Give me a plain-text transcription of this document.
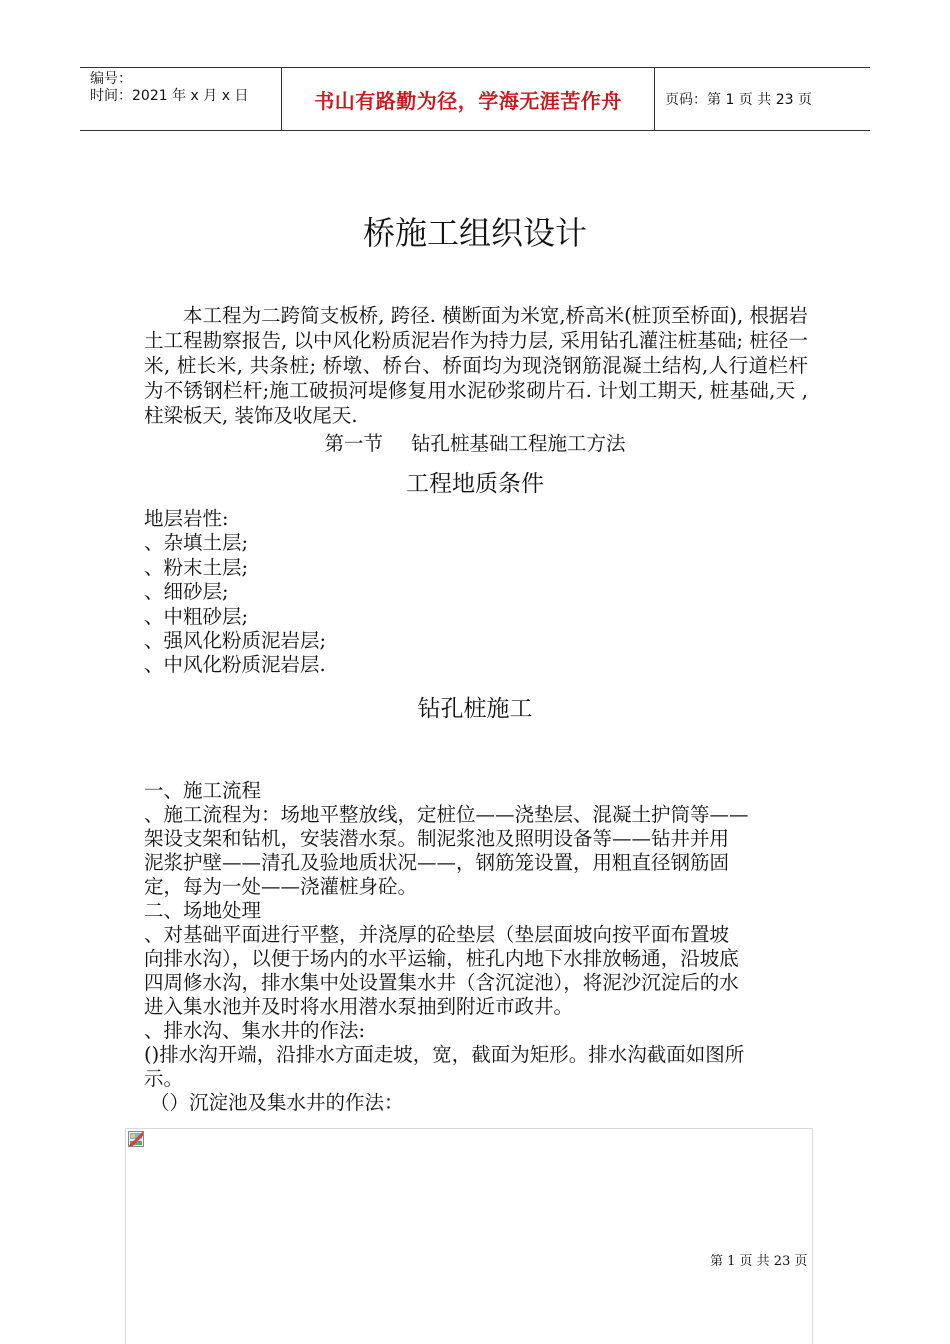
编号：
时间：2021 年 x 月 x 日	书山有路勤为径，学海无涯苦作舟	页码：第 1 页 共 23 页
桥施工组织设计
本工程为二跨简支板桥, 跨径. 横断面为米宽,桥高米(桩顶至桥面), 根据岩土工程勘察报告, 以中风化粉质泥岩作为持力层, 采用钻孔灌注桩基础; 桩径一米, 桩长米, 共条桩; 桥墩、桥台、桥面均为现浇钢筋混凝土结构,人行道栏杆为不锈钢栏杆;施工破损河堤修复用水泥砂浆砌片石. 计划工期天, 桩基础,天 , 柱梁板天, 装饰及收尾天.
第一节 钻孔桩基础工程施工方法
工程地质条件
地层岩性:
、杂填土层;
、粉末土层;
、细砂层;
、中粗砂层;
、强风化粉质泥岩层;
、中风化粉质泥岩层.
钻孔桩施工
一、施工流程
、施工流程为：场地平整放线，定桩位——浇垫层、混凝土护筒等——
架设支架和钻机，安装潜水泵。制泥浆池及照明设备等——钻井并用
泥浆护壁——清孔及验地质状况——，钢筋笼设置，用粗直径钢筋固
定，每为一处——浇灌桩身砼。
二、场地处理
、对基础平面进行平整，并浇厚的砼垫层（垫层面坡向按平面布置坡
向排水沟），以便于场内的水平运输，桩孔内地下水排放畅通，沿坡底
四周修水沟，排水集中处设置集水井（含沉淀池），将泥沙沉淀后的水
进入集水池并及时将水用潜水泵抽到附近市政井。
、排水沟、集水井的作法:
()排水沟开端，沿排水方面走坡，宽，截面为矩形。排水沟截面如图所
示。
（）沉淀池及集水井的作法：
第 1 页 共 23 页
